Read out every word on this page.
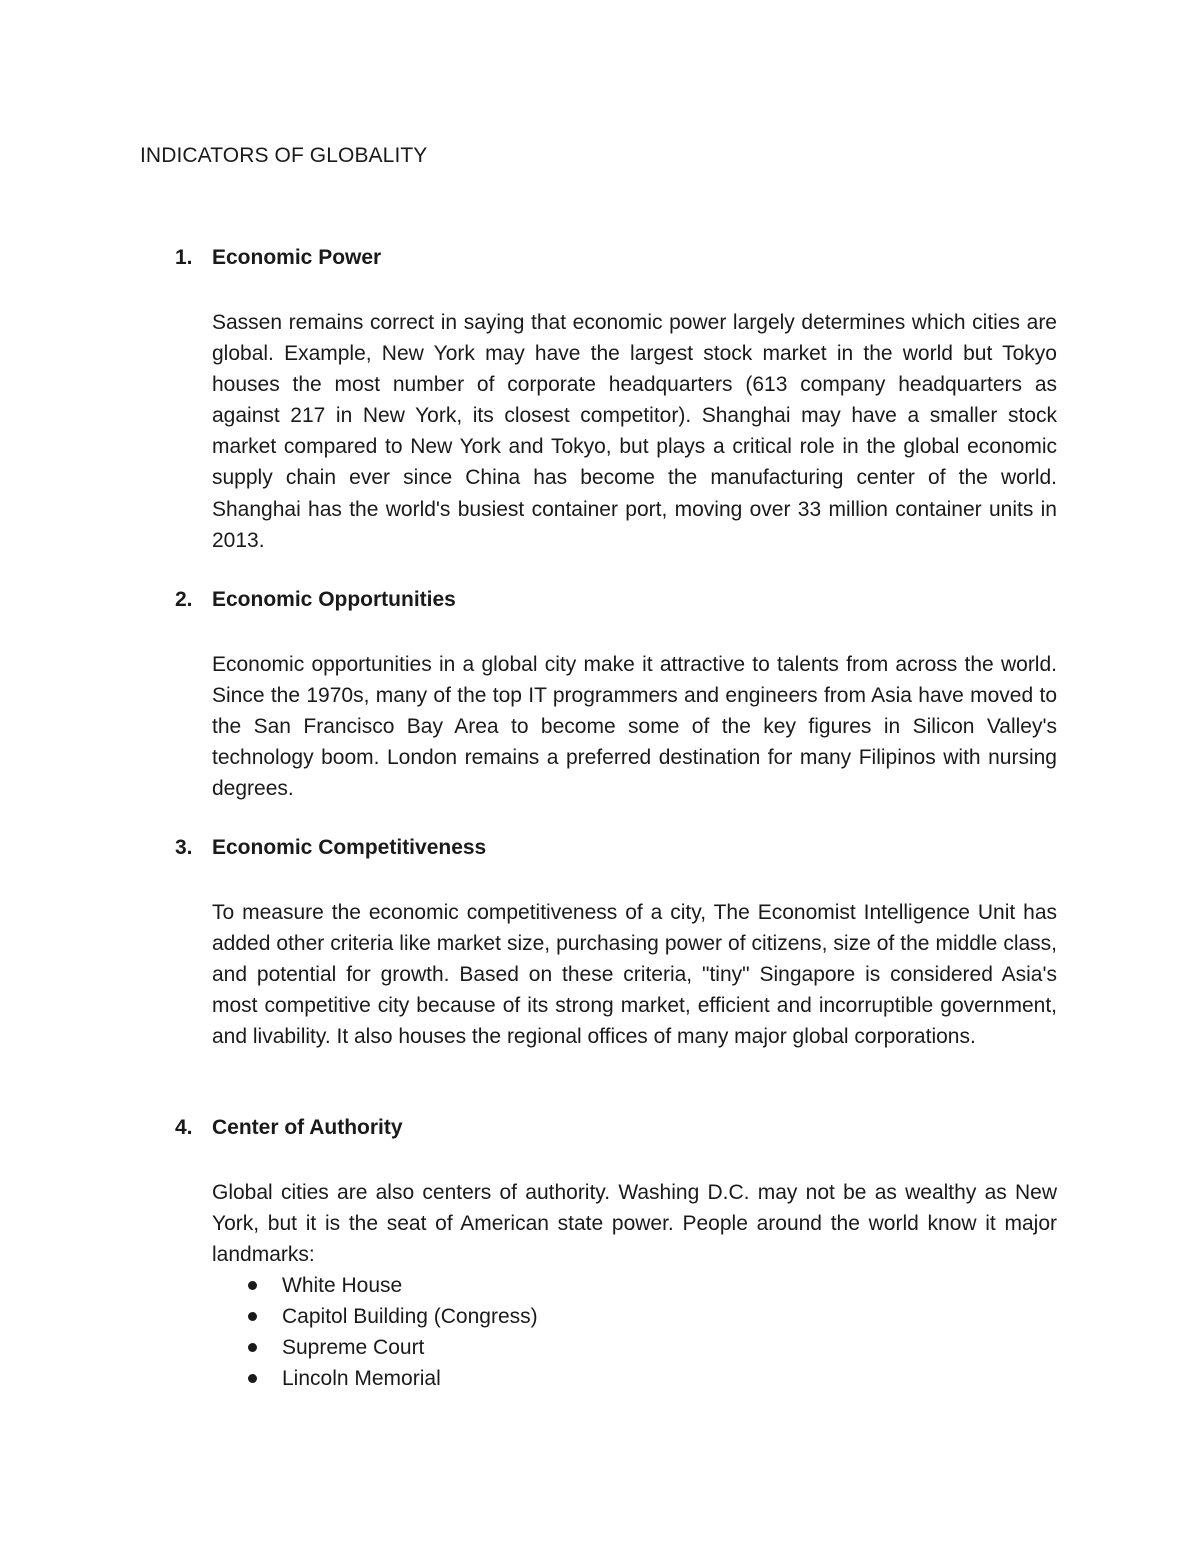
INDICATORS OF GLOBALITY
1. Economic Power
Sassen remains correct in saying that economic power largely determines which cities are global. Example, New York may have the largest stock market in the world but Tokyo houses the most number of corporate headquarters (613 company headquarters as against 217 in New York, its closest competitor). Shanghai may have a smaller stock market compared to New York and Tokyo, but plays a critical role in the global economic supply chain ever since China has become the manufacturing center of the world. Shanghai has the world's busiest container port, moving over 33 million container units in 2013.
2. Economic Opportunities
Economic opportunities in a global city make it attractive to talents from across the world. Since the 1970s, many of the top IT programmers and engineers from Asia have moved to the San Francisco Bay Area to become some of the key figures in Silicon Valley's technology boom. London remains a preferred destination for many Filipinos with nursing degrees.
3. Economic Competitiveness
To measure the economic competitiveness of a city, The Economist Intelligence Unit has added other criteria like market size, purchasing power of citizens, size of the middle class, and potential for growth. Based on these criteria, "tiny" Singapore is considered Asia's most competitive city because of its strong market, efficient and incorruptible government, and livability. It also houses the regional offices of many major global corporations.
4. Center of Authority
Global cities are also centers of authority. Washing D.C. may not be as wealthy as New York, but it is the seat of American state power. People around the world know it major landmarks:
White House
Capitol Building (Congress)
Supreme Court
Lincoln Memorial
